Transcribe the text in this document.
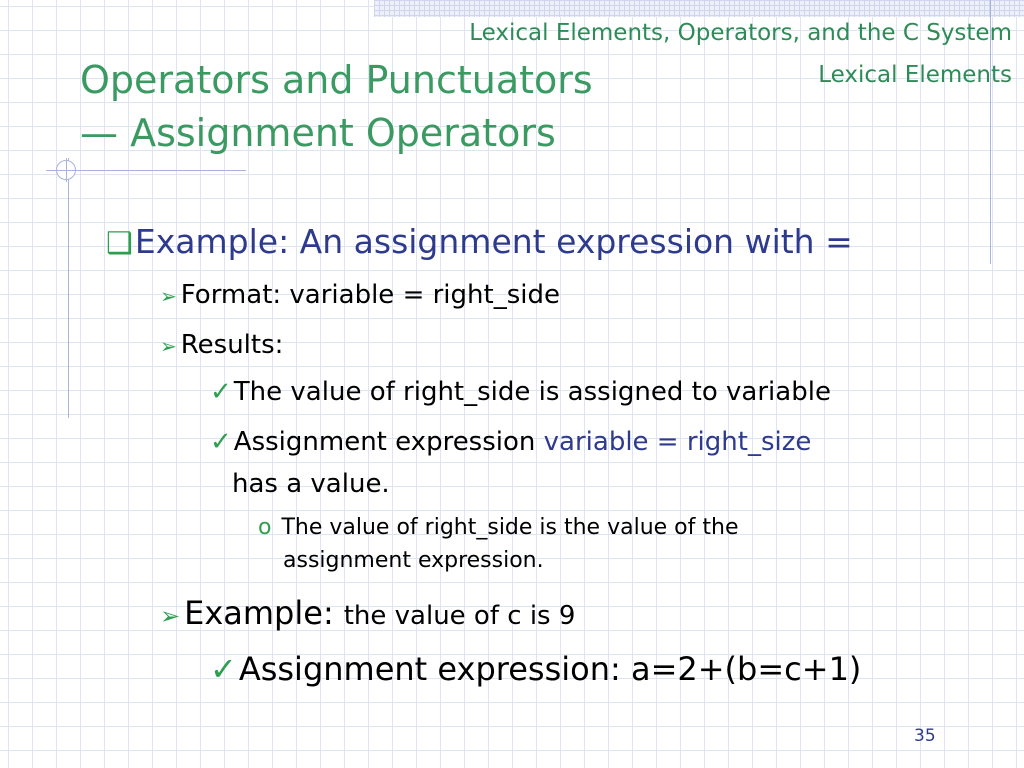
Lexical Elements, Operators, and the C System
Lexical Elements
Operators and Punctuators
— Assignment Operators
❑ Example: An assignment expression with =
➢ Format: variable = right_side
➢ Results:
✓ The value of right_side is assigned to variable
✓ Assignment expression variable = right_size
has a value.
o The value of right_side is the value of the
assignment expression.
➢ Example: the value of c is 9
✓ Assignment expression: a=2+(b=c+1)
35
